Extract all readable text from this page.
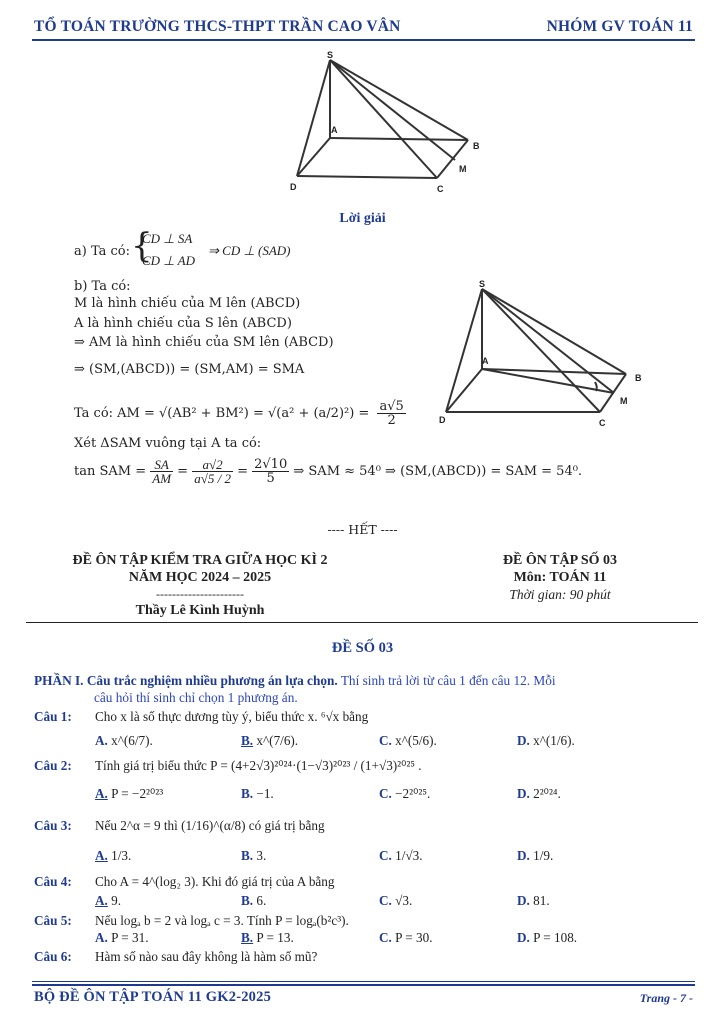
TỔ TOÁN TRƯỜNG THCS-THPT TRẦN CAO VÂN	NHÓM GV TOÁN 11
S
A
B
M
C
D
Lời giải
a) Ta có: {
CD ⊥ SA
CD ⊥ AD
⇒ CD ⊥ (SAD)
b) Ta có:
M là hình chiếu của M lên (ABCD)
A là hình chiếu của S lên (ABCD)
⇒ AM là hình chiếu của SM lên (ABCD)
⇒ (SM,(ABCD)) = (SM,AM) = SMA
Ta có: AM = $√(AB^2 + BM^2) = √(a^2 + (a/2)^2) = \frac{a√5}{2}$
Xét ΔSAM vuông tại A ta có:
tan SAM = $\frac{SA}{AM} = \frac{a√2}{a√5 / 2} = \frac{2√10}{5}$ ⇒ SAM ≈ 54⁰ ⇒ (SM,(ABCD)) = SAM = 54⁰.
S
A
B
M
C
D
---- HẾT ----
ĐỀ ÔN TẬP KIỂM TRA GIỮA HỌC KÌ 2
NĂM HỌC 2024 – 2025
----------------------
Thầy Lê Kình Huỳnh
ĐỀ ÔN TẬP SỐ 03
Môn: TOÁN 11
Thời gian: 90 phút
ĐỀ SỐ 03
PHẦN I. Câu trắc nghiệm nhiều phương án lựa chọn. Thí sinh trả lời từ câu 1 đến câu 12. Mỗi
câu hỏi thí sinh chỉ chọn 1 phương án.
Câu 1: Cho x là số thực dương tùy ý, biểu thức x. ⁶√x bằng
A. x^(6/7).	B. x^(7/6).	C. x^(5/6).	D. x^(1/6).
Câu 2: Tính giá trị biểu thức P = (4+2√3)²⁰²⁴·(1−√3)²⁰²³ / (1+√3)²⁰²⁵ .
A. P = −2²⁰²³	B. −1.	C. −2²⁰²⁵.	D. 2²⁰²⁴.
Câu 3: Nếu 2^α = 9 thì (1/16)^(α/8) có giá trị bằng
A. 1/3.	B. 3.	C. 1/√3.	D. 1/9.
Câu 4: Cho A = 4^(log₂ 3). Khi đó giá trị của A bằng
A. 9.	B. 6.	C. √3.	D. 81.
Câu 5: Nếu logₐ b = 2 và logₐ c = 3. Tính P = logₐ(b²c³).
A. P = 31.	B. P = 13.	C. P = 30.	D. P = 108.
Câu 6: Hàm số nào sau đây không là hàm số mũ?
BỘ ĐỀ ÔN TẬP TOÁN 11 GK2-2025	Trang - 7 -
